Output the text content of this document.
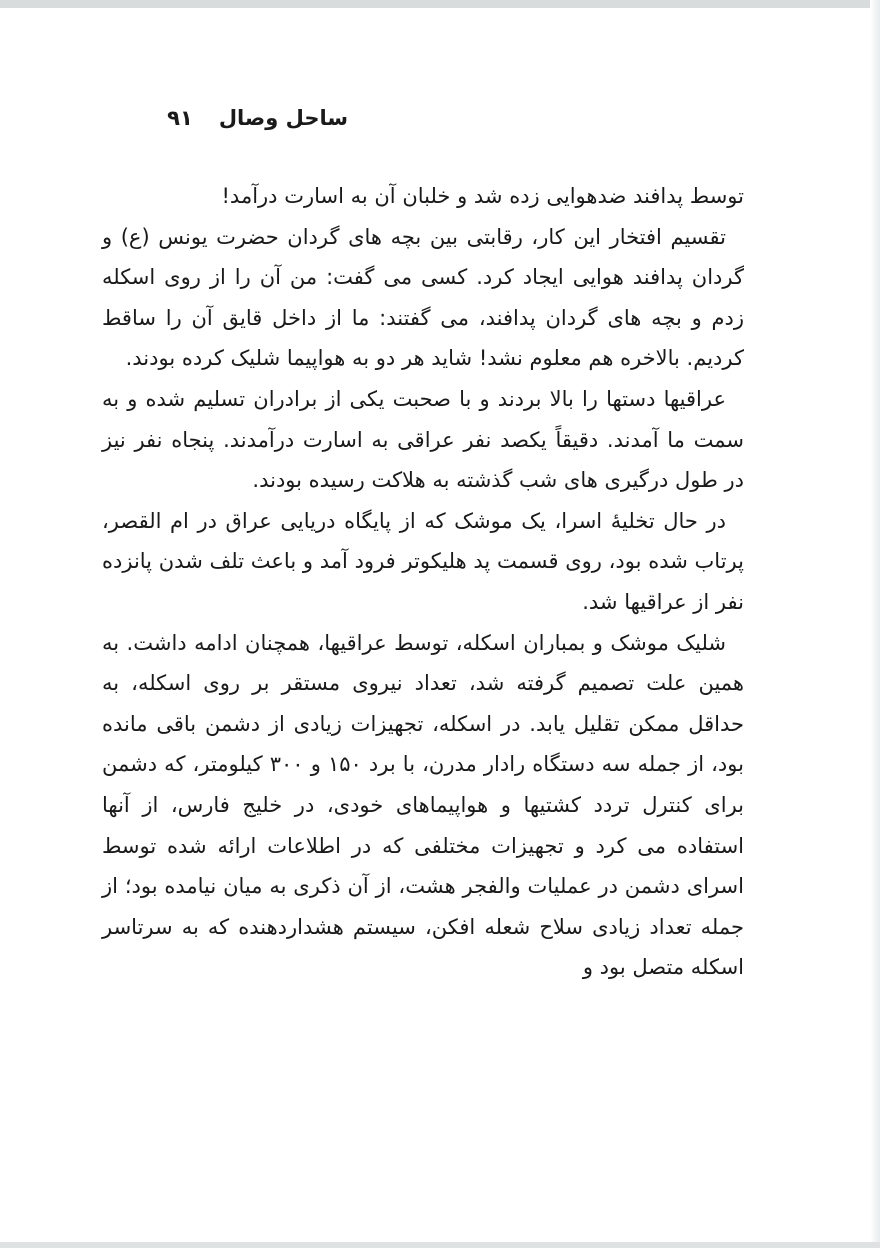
ساحل وصال
۹۱

توسط پدافند ضدهوایی زده شد و خلبان آن به اسارت درآمد!

تقسیم افتخار این کار، رقابتی بین بچه های گردان حضرت یونس (ع) و گردان پدافند هوایی ایجاد کرد. کسی می گفت: من آن را از روی اسکله زدم و بچه های گردان پدافند، می گفتند: ما از داخل قایق آن را ساقط کردیم. بالاخره هم معلوم نشد! شاید هر دو به هواپیما شلیک کرده بودند.

عراقیها دستها را بالا بردند و با صحبت یکی از برادران تسلیم شده و به سمت ما آمدند. دقیقاً یکصد نفر عراقی به اسارت درآمدند. پنجاه نفر نیز در طول درگیری های شب گذشته به هلاکت رسیده بودند.

در حال تخلیهٔ اسرا، یک موشک که از پایگاه دریایی عراق در ام القصر، پرتاب شده بود، روی قسمت پد هلیکوتر فرود آمد و باعث تلف شدن پانزده نفر از عراقیها شد.

شلیک موشک و بمباران اسکله، توسط عراقیها، همچنان ادامه داشت. به همین علت تصمیم گرفته شد، تعداد نیروی مستقر بر روی اسکله، به حداقل ممکن تقلیل یابد. در اسکله، تجهیزات زیادی از دشمن باقی مانده بود، از جمله سه دستگاه رادار مدرن، با برد ۱۵۰ و ۳۰۰ کیلومتر، که دشمن برای کنترل تردد کشتیها و هواپیماهای خودی، در خلیج فارس، از آنها استفاده می کرد و تجهیزات مختلفی که در اطلاعات ارائه شده توسط اسرای دشمن در عملیات والفجر هشت، از آن ذکری به میان نیامده بود؛ از جمله تعداد زیادی سلاح شعله افکن، سیستم هشداردهنده که به سرتاسر اسکله متصل بود و
